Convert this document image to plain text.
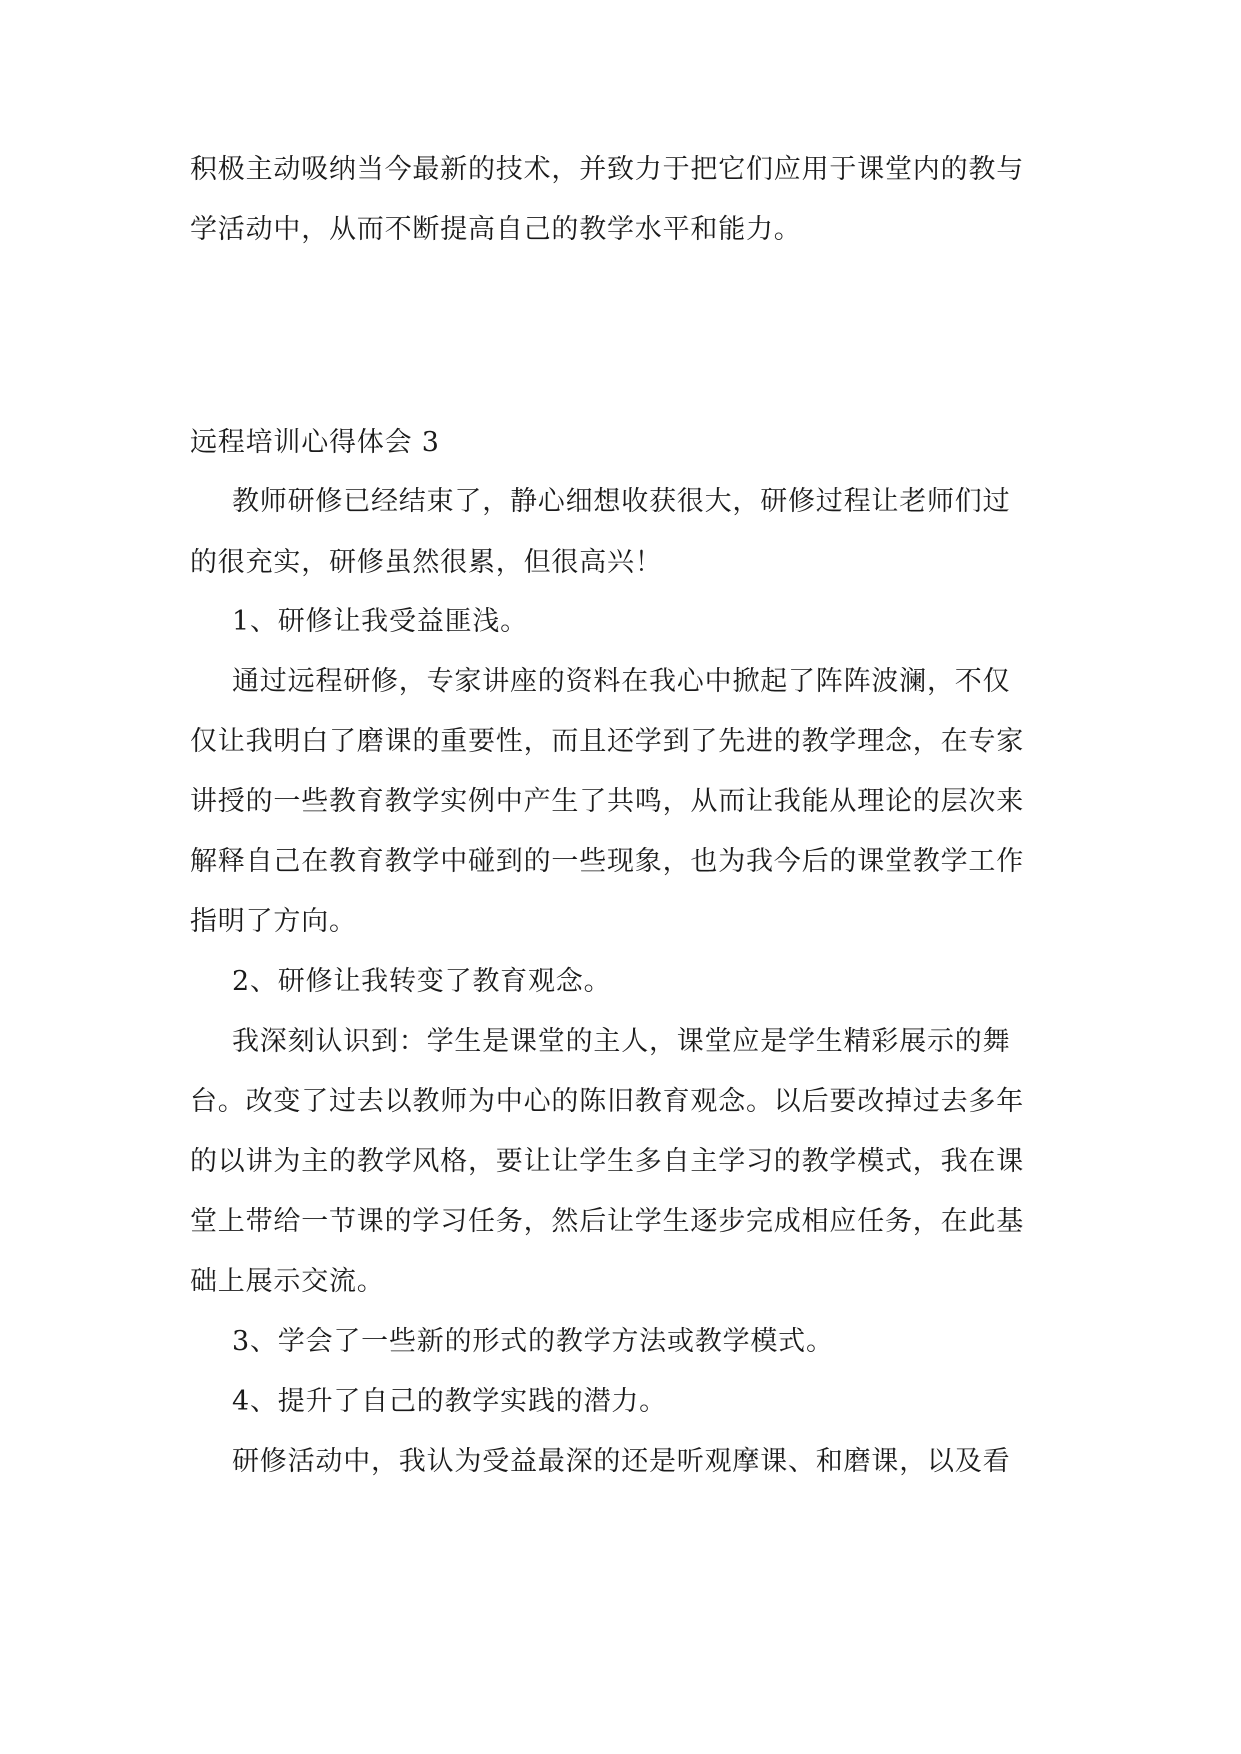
积极主动吸纳当今最新的技术，并致力于把它们应用于课堂内的教与

学活动中，从而不断提高自己的教学水平和能力。

远程培训心得体会 3

教师研修已经结束了，静心细想收获很大，研修过程让老师们过

的很充实，研修虽然很累，但很高兴！

1、研修让我受益匪浅。

通过远程研修，专家讲座的资料在我心中掀起了阵阵波澜，不仅

仅让我明白了磨课的重要性，而且还学到了先进的教学理念，在专家

讲授的一些教育教学实例中产生了共鸣，从而让我能从理论的层次来

解释自己在教育教学中碰到的一些现象，也为我今后的课堂教学工作

指明了方向。

2、研修让我转变了教育观念。

我深刻认识到：学生是课堂的主人，课堂应是学生精彩展示的舞

台。改变了过去以教师为中心的陈旧教育观念。以后要改掉过去多年

的以讲为主的教学风格，要让让学生多自主学习的教学模式，我在课

堂上带给一节课的学习任务，然后让学生逐步完成相应任务，在此基

础上展示交流。

3、学会了一些新的形式的教学方法或教学模式。

4、提升了自己的教学实践的潜力。

研修活动中，我认为受益最深的还是听观摩课、和磨课，以及看
